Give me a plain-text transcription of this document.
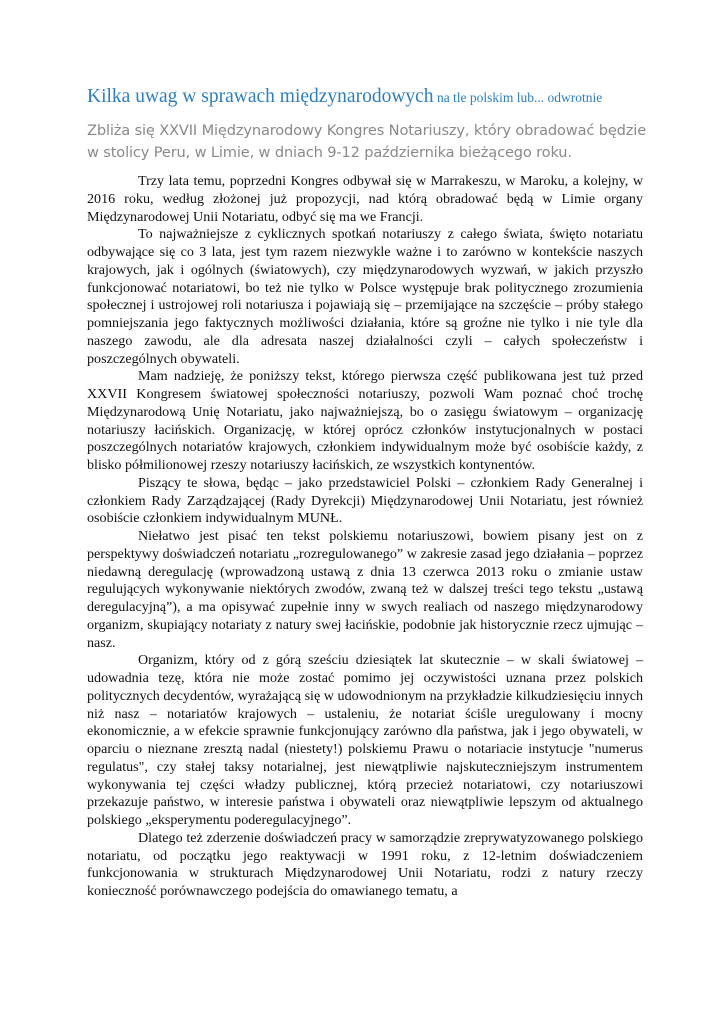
Kilka uwag w sprawach międzynarodowych na tle polskim lub... odwrotnie
Zbliża się XXVII Międzynarodowy Kongres Notariuszy, który obradować będzie w stolicy Peru, w Limie, w dniach 9-12 października bieżącego roku.

Trzy lata temu, poprzedni Kongres odbywał się w Marrakeszu, w Maroku, a kolejny, w 2016 roku, według złożonej już propozycji, nad którą obradować będą w Limie organy Międzynarodowej Unii Notariatu, odbyć się ma we Francji.

To najważniejsze z cyklicznych spotkań notariuszy z całego świata, święto notariatu odbywające się co 3 lata, jest tym razem niezwykle ważne i to zarówno w kontekście naszych krajowych, jak i ogólnych (światowych), czy międzynarodowych wyzwań, w jakich przyszło funkcjonować notariatowi, bo też nie tylko w Polsce występuje brak politycznego zrozumienia społecznej i ustrojowej roli notariusza i pojawiają się – przemijające na szczęście – próby stałego pomniejszania jego faktycznych możliwości działania, które są groźne nie tylko i nie tyle dla naszego zawodu, ale dla adresata naszej działalności czyli – całych społeczeństw i poszczególnych obywateli.

Mam nadzieję, że poniższy tekst, którego pierwsza część publikowana jest tuż przed XXVII Kongresem światowej społeczności notariuszy, pozwoli Wam poznać choć trochę Międzynarodową Unię Notariatu, jako najważniejszą, bo o zasięgu światowym – organizację notariuszy łacińskich. Organizację, w której oprócz członków instytucjonalnych w postaci poszczególnych notariatów krajowych, członkiem indywidualnym może być osobiście każdy, z blisko półmilionowej rzeszy notariuszy łacińskich, ze wszystkich kontynentów.

Piszący te słowa, będąc – jako przedstawiciel Polski – członkiem Rady Generalnej i członkiem Rady Zarządzającej (Rady Dyrekcji) Międzynarodowej Unii Notariatu, jest również osobiście członkiem indywidualnym MUNŁ.

Niełatwo jest pisać ten tekst polskiemu notariuszowi, bowiem pisany jest on z perspektywy doświadczeń notariatu „rozregulowanego” w zakresie zasad jego działania – poprzez niedawną deregulację (wprowadzoną ustawą z dnia 13 czerwca 2013 roku o zmianie ustaw regulujących wykonywanie niektórych zwodów, zwaną też w dalszej treści tego tekstu „ustawą deregulacyjną”), a ma opisywać zupełnie inny w swych realiach od naszego międzynarodowy organizm, skupiający notariaty z natury swej łacińskie, podobnie jak historycznie rzecz ujmując – nasz.

Organizm, który od z górą sześciu dziesiątek lat skutecznie – w skali światowej – udowadnia tezę, która nie może zostać pomimo jej oczywistości uznana przez polskich politycznych decydentów, wyrażającą się w udowodnionym na przykładzie kilkudziesięciu innych niż nasz – notariatów krajowych – ustaleniu, że notariat ściśle uregulowany i mocny ekonomicznie, a w efekcie sprawnie funkcjonujący zarówno dla państwa, jak i jego obywateli, w oparciu o nieznane zresztą nadal (niestety!) polskiemu Prawu o notariacie instytucje "numerus regulatus", czy stałej taksy notarialnej, jest niewątpliwie najskuteczniejszym instrumentem wykonywania tej części władzy publicznej, którą przecież notariatowi, czy notariuszowi przekazuje państwo, w interesie państwa i obywateli oraz niewątpliwie lepszym od aktualnego polskiego „eksperymentu poderegulacyjnego”.

Dlatego też zderzenie doświadczeń pracy w samorządzie zreprywatyzowanego polskiego notariatu, od początku jego reaktywacji w 1991 roku, z 12-letnim doświadczeniem funkcjonowania w strukturach Międzynarodowej Unii Notariatu, rodzi z natury rzeczy konieczność porównawczego podejścia do omawianego tematu, a
